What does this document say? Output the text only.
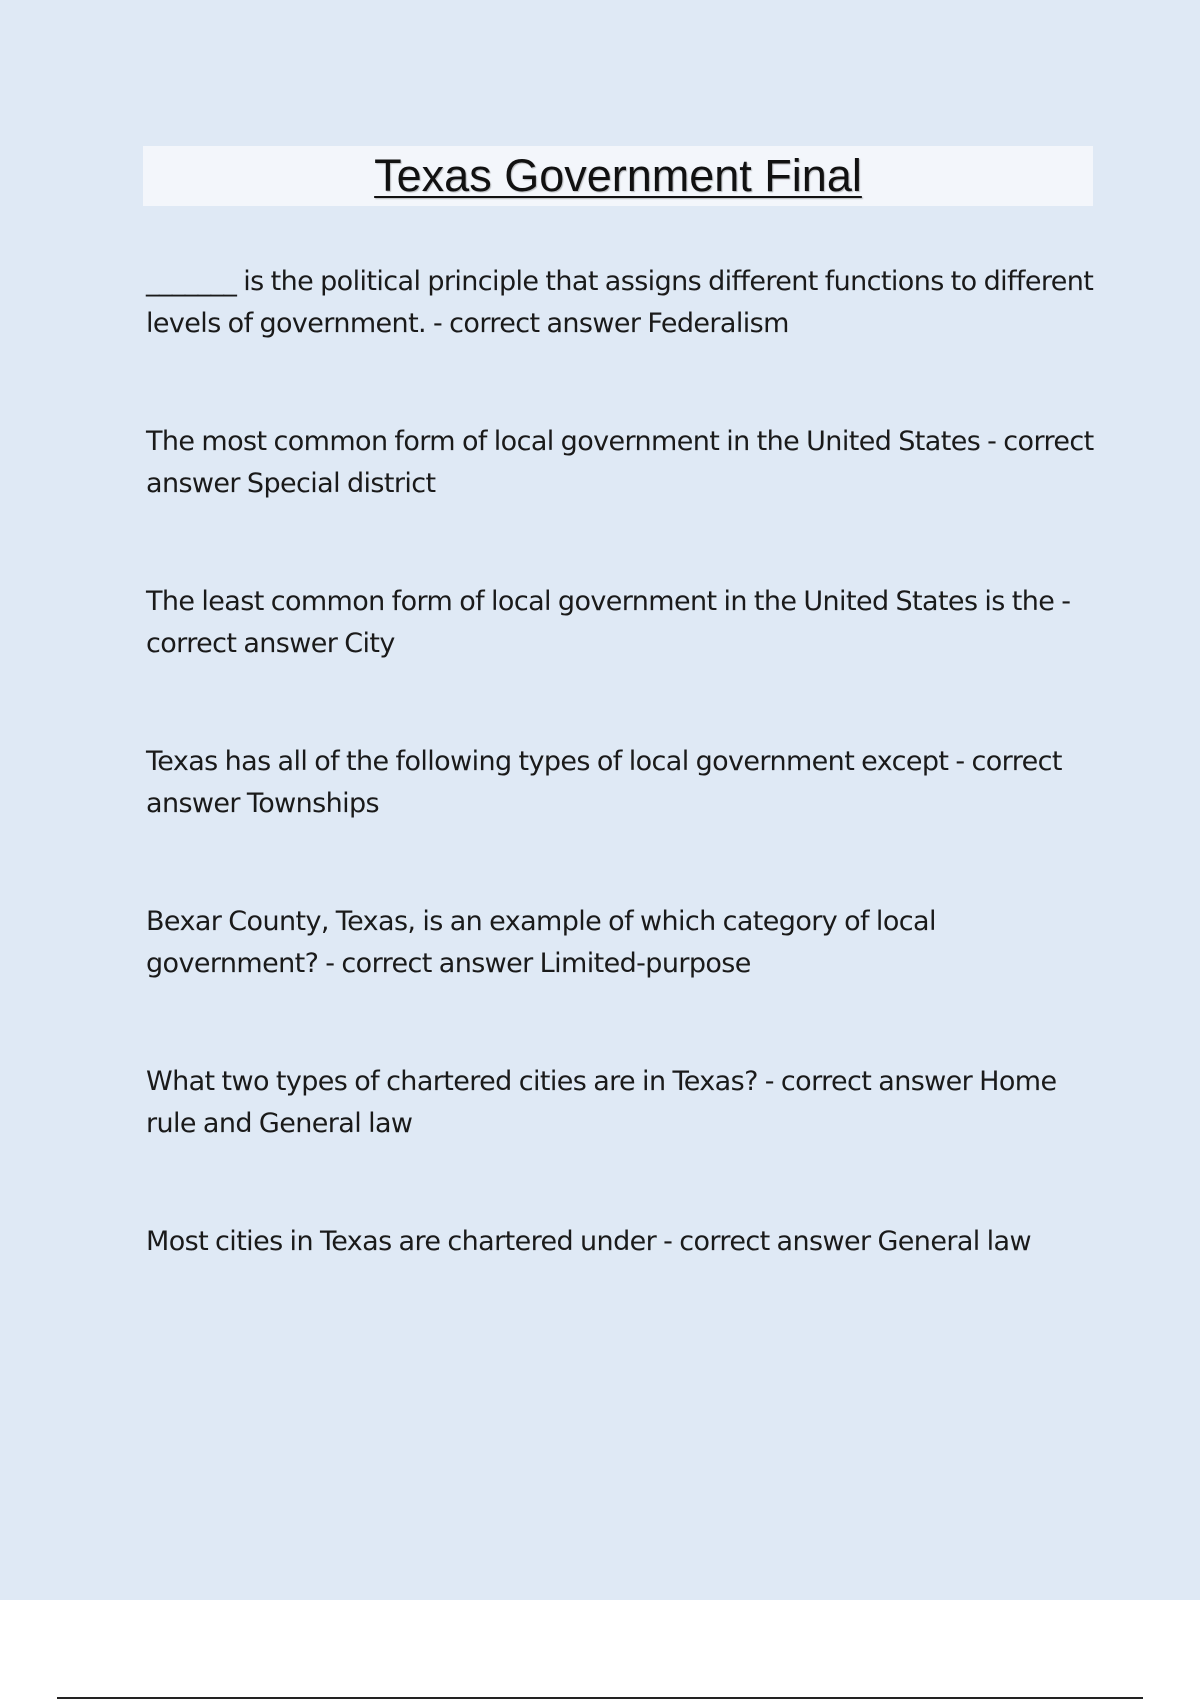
Texas Government Final
_______ is the political principle that assigns different functions to different levels of government. - correct answer Federalism
The most common form of local government in the United States - correct answer Special district
The least common form of local government in the United States is the - correct answer City
Texas has all of the following types of local government except - correct answer Townships
Bexar County, Texas, is an example of which category of local government? - correct answer Limited-purpose
What two types of chartered cities are in Texas? - correct answer Home rule and General law
Most cities in Texas are chartered under - correct answer General law
